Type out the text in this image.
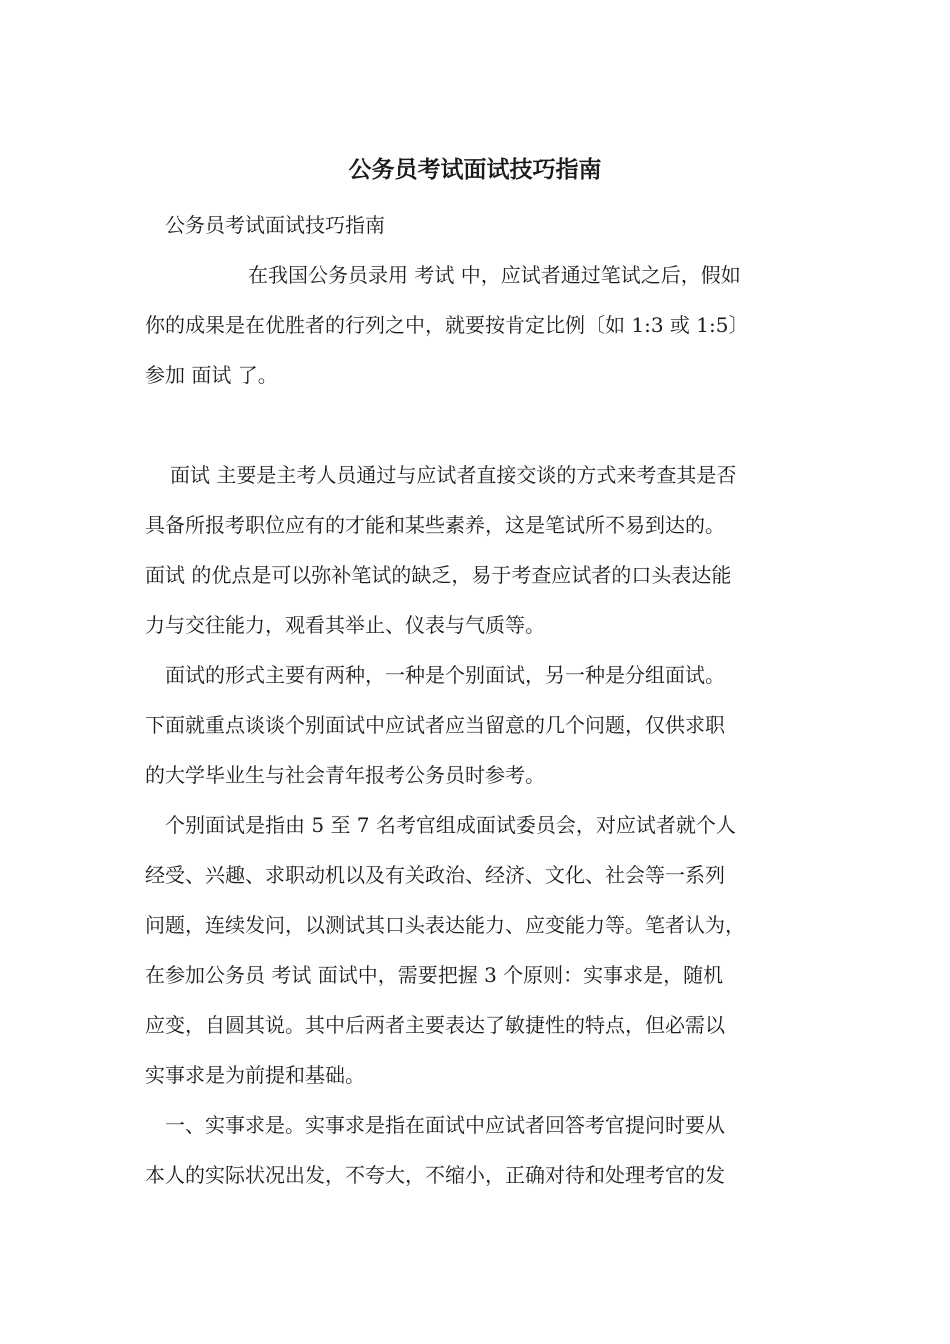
公务员考试面试技巧指南
公务员考试面试技巧指南
在我国公务员录用 考试 中，应试者通过笔试之后，假如
你的成果是在优胜者的行列之中，就要按肯定比例〔如 1:3 或 1:5〕
参加 面试 了。
面试 主要是主考人员通过与应试者直接交谈的方式来考查其是否
具备所报考职位应有的才能和某些素养，这是笔试所不易到达的。
面试 的优点是可以弥补笔试的缺乏，易于考查应试者的口头表达能
力与交往能力，观看其举止、仪表与气质等。
面试的形式主要有两种，一种是个别面试，另一种是分组面试。
下面就重点谈谈个别面试中应试者应当留意的几个问题，仅供求职
的大学毕业生与社会青年报考公务员时参考。
个别面试是指由 5 至 7 名考官组成面试委员会，对应试者就个人
经受、兴趣、求职动机以及有关政治、经济、文化、社会等一系列
问题，连续发问，以测试其口头表达能力、应变能力等。笔者认为，
在参加公务员 考试 面试中，需要把握 3 个原则：实事求是，随机
应变，自圆其说。其中后两者主要表达了敏捷性的特点，但必需以
实事求是为前提和基础。
一、实事求是。实事求是指在面试中应试者回答考官提问时要从
本人的实际状况出发，不夸大，不缩小，正确对待和处理考官的发
